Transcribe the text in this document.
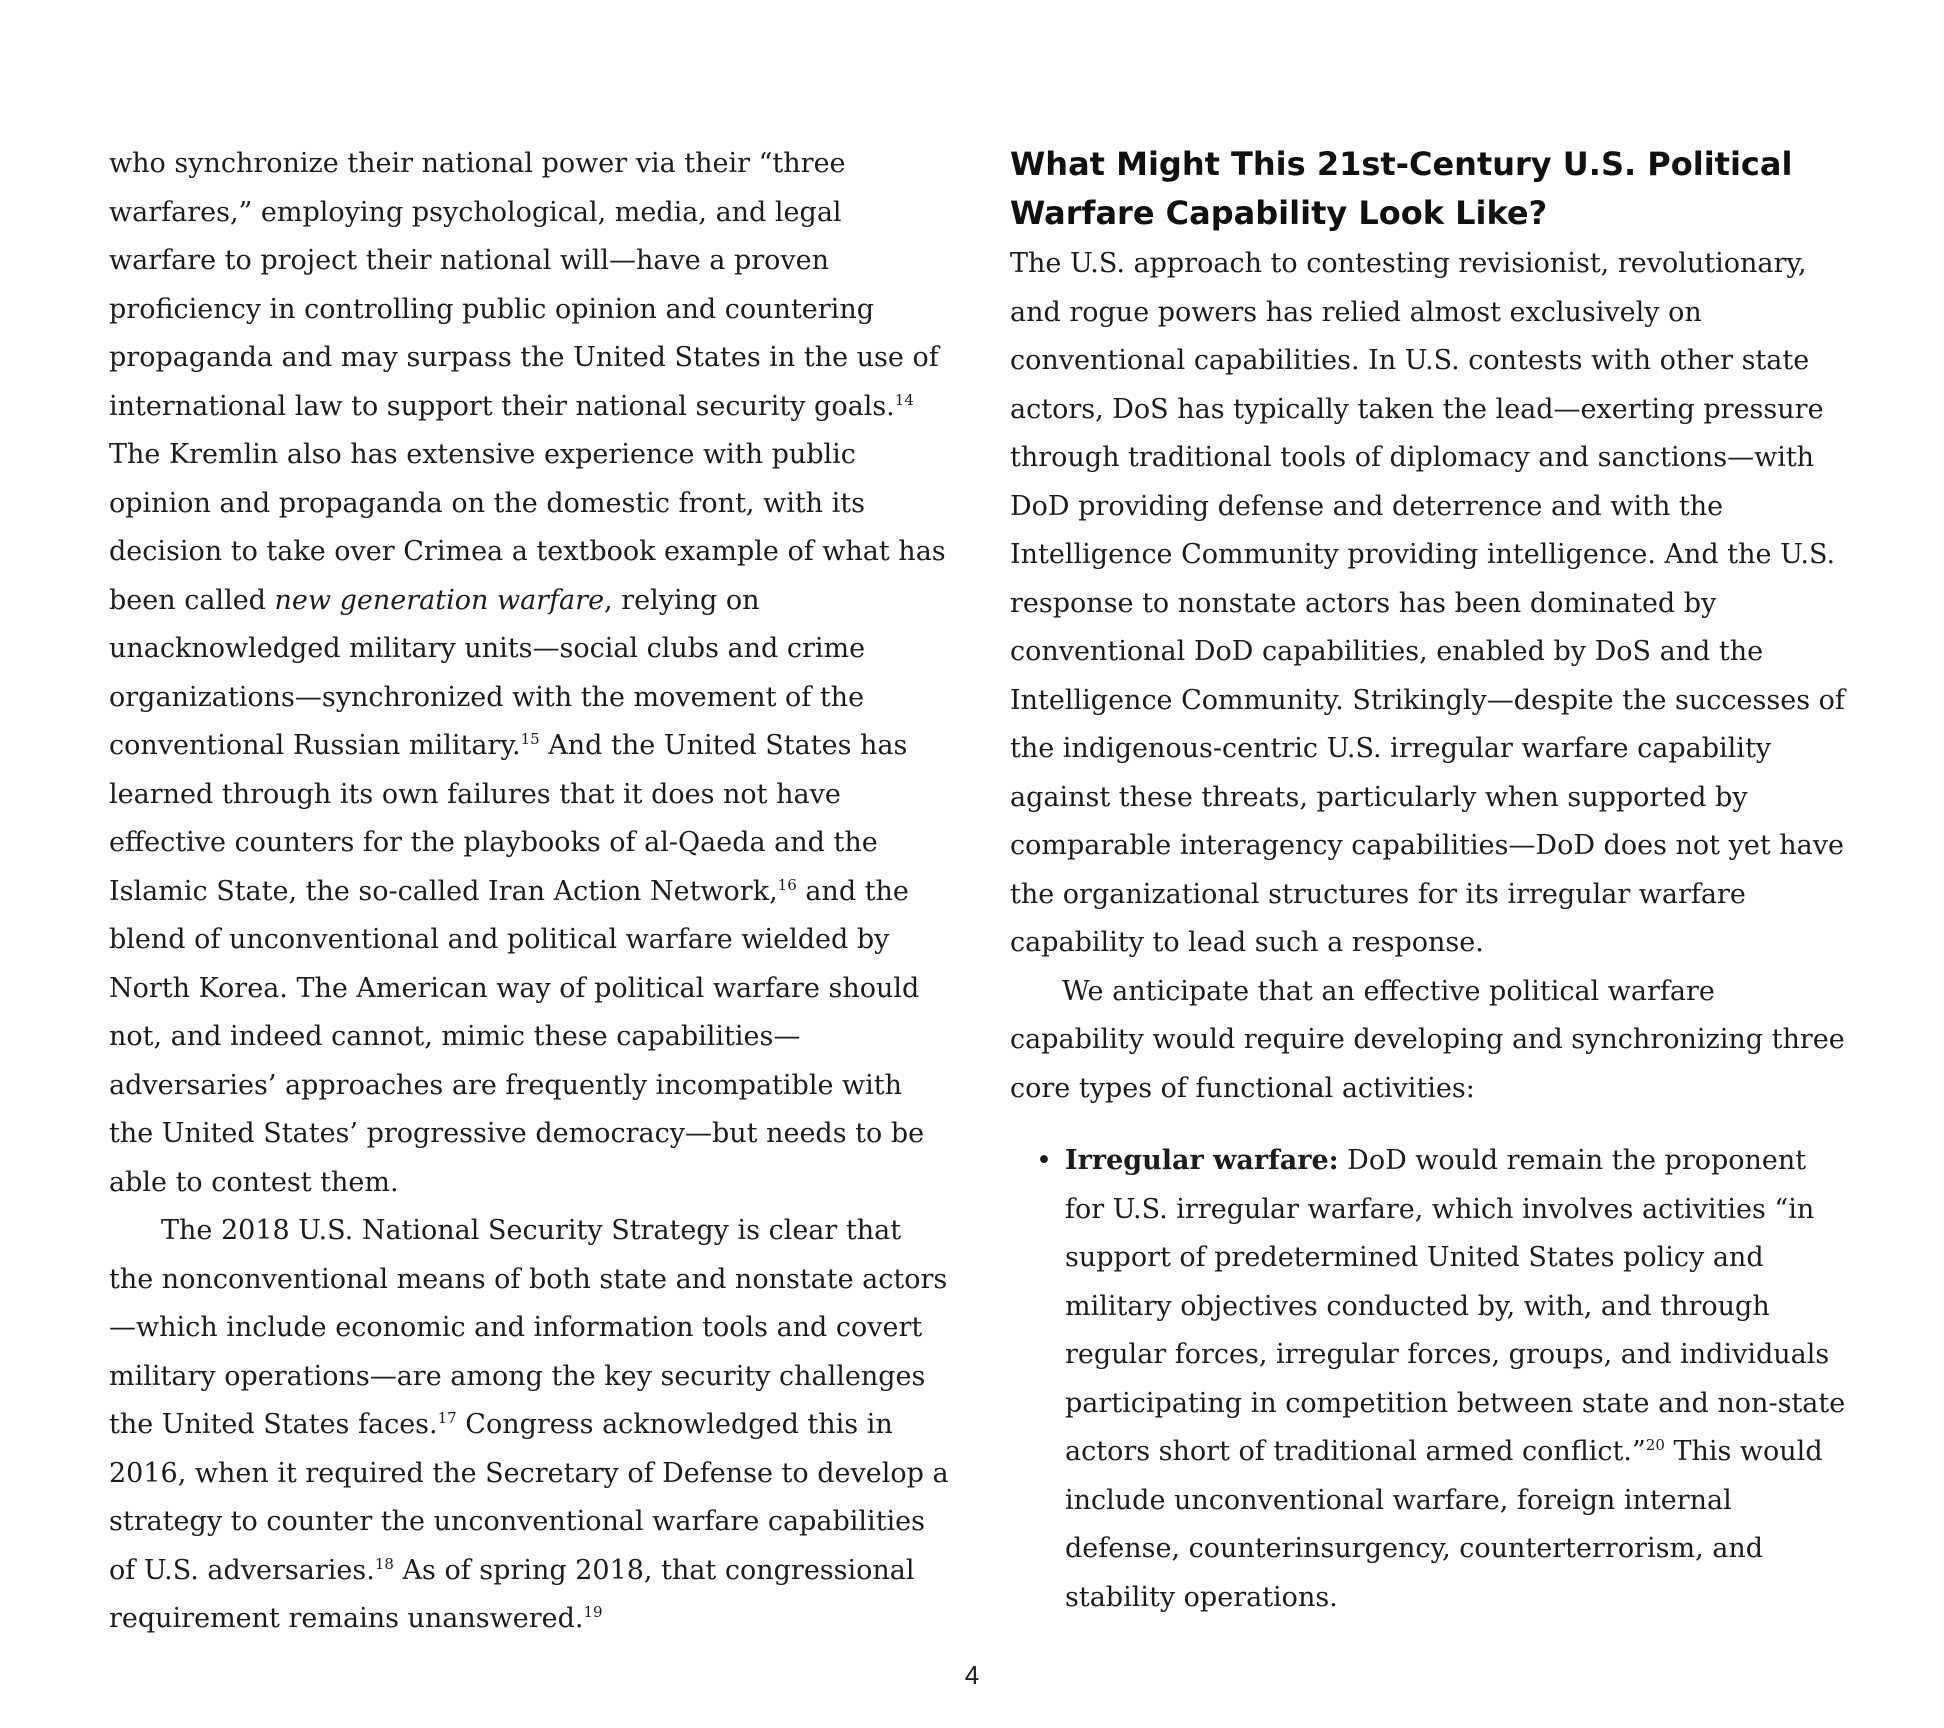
who synchronize their national power via their “three warfares,” employing psychological, media, and legal warfare to project their national will—have a proven proficiency in controlling public opinion and countering propaganda and may surpass the United States in the use of international law to support their national security goals.$^{14}$ The Kremlin also has extensive experience with public opinion and propaganda on the domestic front, with its decision to take over Crimea a textbook example of what has been called new generation warfare, relying on unacknowledged military units—social clubs and crime organizations—synchronized with the movement of the conventional Russian military.$^{15}$ And the United States has learned through its own failures that it does not have effective counters for the playbooks of al-Qaeda and the Islamic State, the so-called Iran Action Network,$^{16}$ and the blend of unconventional and political warfare wielded by North Korea. The American way of political warfare should not, and indeed cannot, mimic these capabilities—adversaries’ approaches are frequently incompatible with the United States’ progressive democracy—but needs to be able to contest them.

The 2018 U.S. National Security Strategy is clear that the nonconventional means of both state and nonstate actors—which include economic and information tools and covert military operations—are among the key security challenges the United States faces.$^{17}$ Congress acknowledged this in 2016, when it required the Secretary of Defense to develop a strategy to counter the unconventional warfare capabilities of U.S. adversaries.$^{18}$ As of spring 2018, that congressional requirement remains unanswered.$^{19}$

What Might This 21st-Century U.S. Political
Warfare Capability Look Like?

The U.S. approach to contesting revisionist, revolutionary, and rogue powers has relied almost exclusively on conventional capabilities. In U.S. contests with other state actors, DoS has typically taken the lead—exerting pressure through traditional tools of diplomacy and sanctions—with DoD providing defense and deterrence and with the Intelligence Community providing intelligence. And the U.S. response to nonstate actors has been dominated by conventional DoD capabilities, enabled by DoS and the Intelligence Community. Strikingly—despite the successes of the indigenous-centric U.S. irregular warfare capability against these threats, particularly when supported by comparable interagency capabilities—DoD does not yet have the organizational structures for its irregular warfare capability to lead such a response.

We anticipate that an effective political warfare capability would require developing and synchronizing three core types of functional activities:

• Irregular warfare: DoD would remain the proponent for U.S. irregular warfare, which involves activities “in support of predetermined United States policy and military objectives conducted by, with, and through regular forces, irregular forces, groups, and individuals participating in competition between state and non-state actors short of traditional armed conflict.”$^{20}$ This would include unconventional warfare, foreign internal defense, counterinsurgency, counterterrorism, and stability operations.
4
